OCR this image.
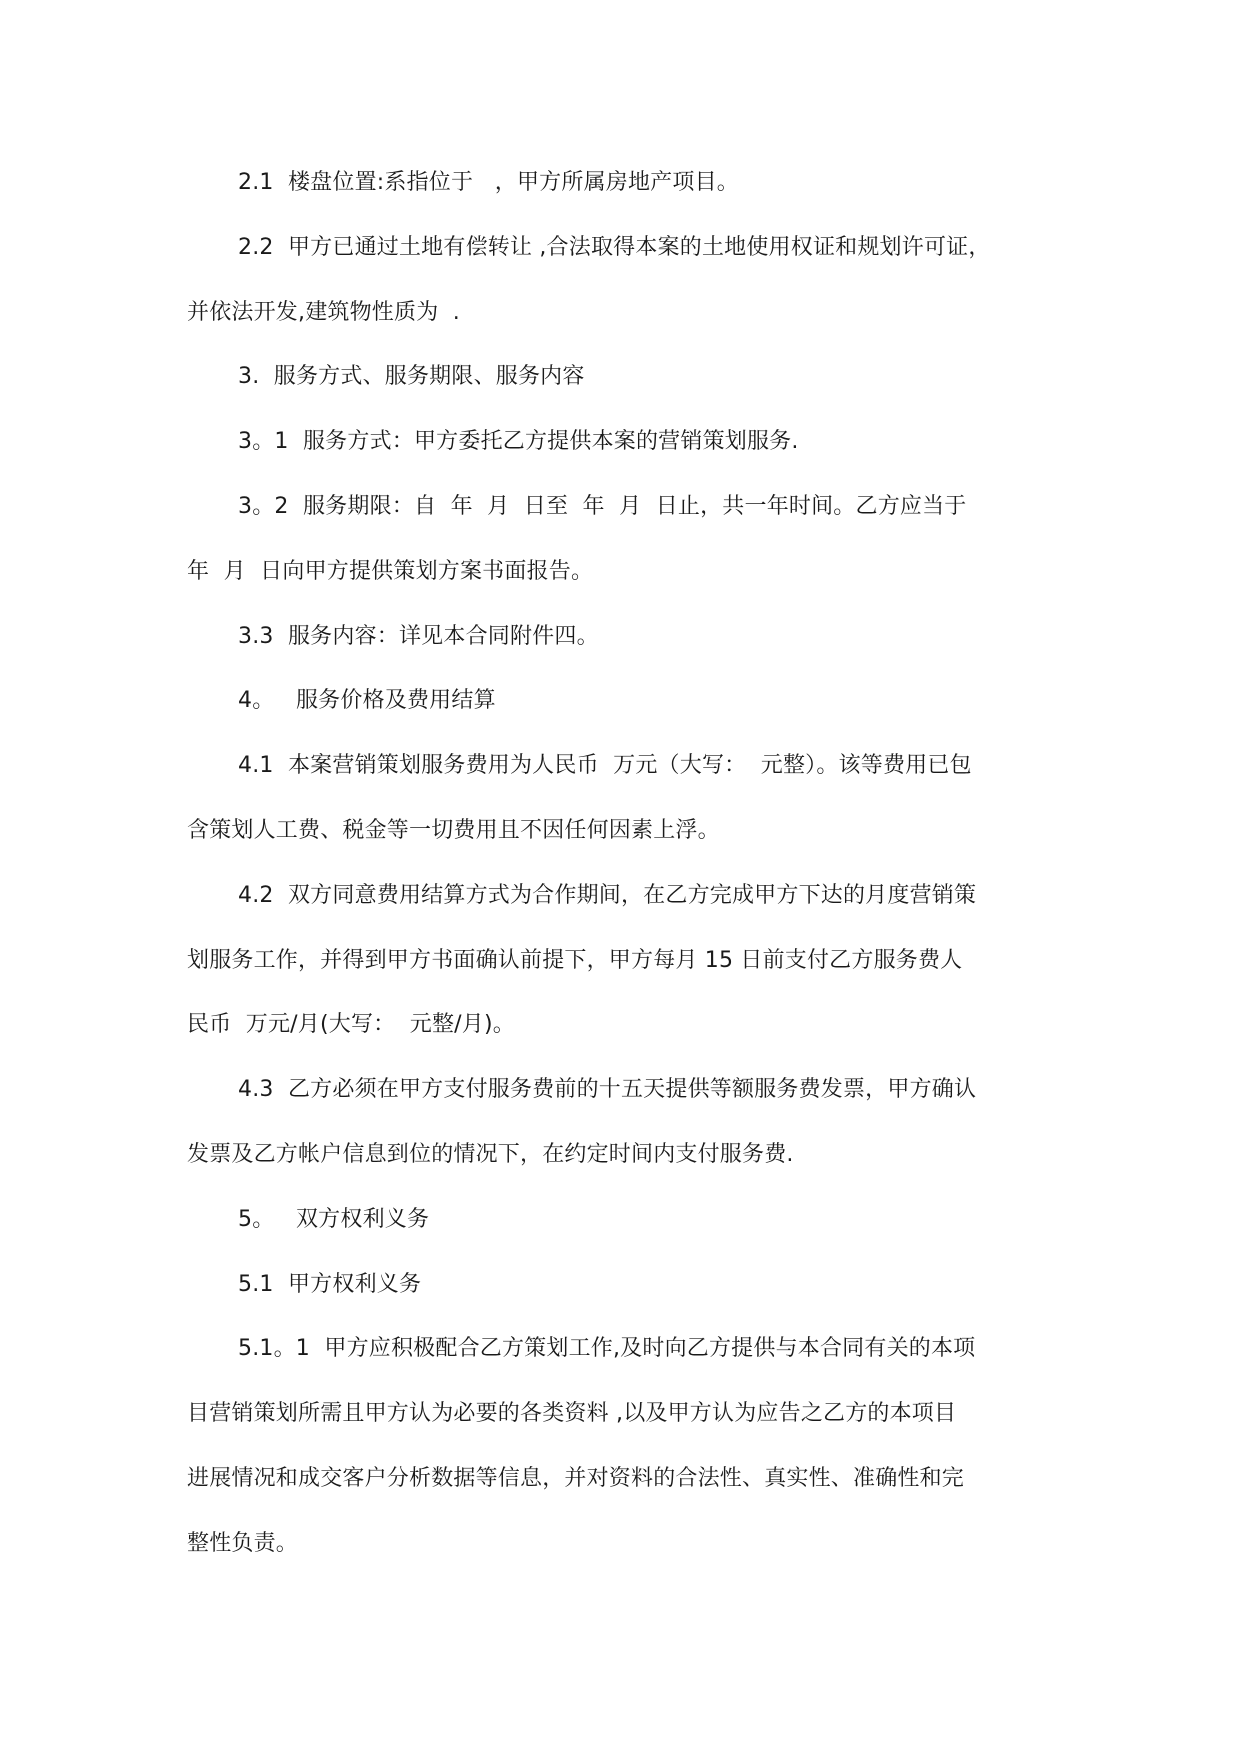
2.1  楼盘位置:系指位于   ，甲方所属房地产项目。
2.2  甲方已通过土地有偿转让 ,合法取得本案的土地使用权证和规划许可证，
并依法开发,建筑物性质为  .
3.  服务方式、服务期限、服务内容
3。1  服务方式：甲方委托乙方提供本案的营销策划服务.
3。2  服务期限：自  年  月  日至  年  月  日止，共一年时间。乙方应当于
年  月  日向甲方提供策划方案书面报告。
3.3  服务内容：详见本合同附件四。
4。   服务价格及费用结算
4.1  本案营销策划服务费用为人民币  万元（大写：  元整）。该等费用已包
含策划人工费、税金等一切费用且不因任何因素上浮。
4.2  双方同意费用结算方式为合作期间，在乙方完成甲方下达的月度营销策
划服务工作，并得到甲方书面确认前提下，甲方每月 15 日前支付乙方服务费人
民币  万元/月(大写：  元整/月)。
4.3  乙方必须在甲方支付服务费前的十五天提供等额服务费发票，甲方确认
发票及乙方帐户信息到位的情况下，在约定时间内支付服务费.
5。   双方权利义务
5.1  甲方权利义务
5.1。1  甲方应积极配合乙方策划工作,及时向乙方提供与本合同有关的本项
目营销策划所需且甲方认为必要的各类资料 ,以及甲方认为应告之乙方的本项目
进展情况和成交客户分析数据等信息，并对资料的合法性、真实性、准确性和完
整性负责。
